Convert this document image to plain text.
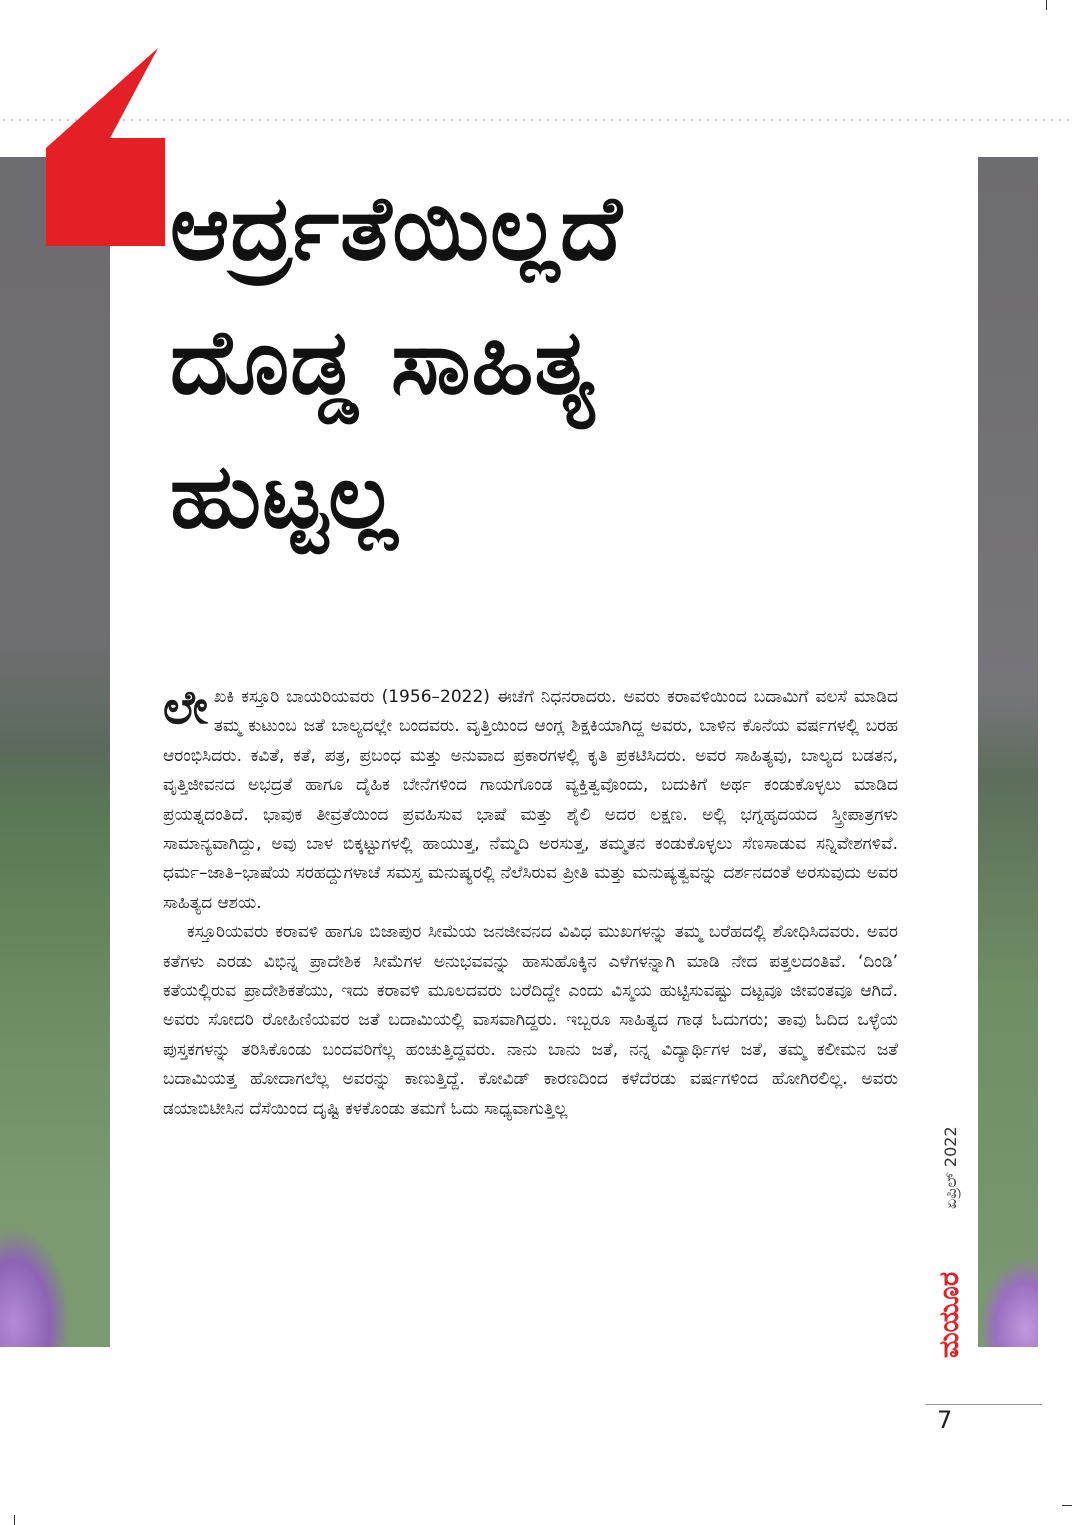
ಆರ್ದ್ರತೆಯಿಲ್ಲದೆ
ದೊಡ್ಡ ಸಾಹಿತ್ಯ
ಹುಟ್ಟಲ್ಲ

ಲೇಖಕಿ ಕಸ್ತೂರಿ ಬಾಯರಿಯವರು (1956–2022) ಈಚೆಗೆ ನಿಧನರಾದರು. ಅವರು ಕರಾವಳಿಯಿಂದ ಬದಾಮಿಗೆ ವಲಸೆ ಮಾಡಿದ ತಮ್ಮ ಕುಟುಂಬ ಜತೆ ಬಾಲ್ಯದಲ್ಲೇ ಬಂದವರು. ವೃತ್ತಿಯಿಂದ ಆಂಗ್ಲ ಶಿಕ್ಷಕಿಯಾಗಿದ್ದ ಅವರು, ಬಾಳಿನ ಕೊನೆಯ ವರ್ಷಗಳಲ್ಲಿ ಬರಹ ಆರಂಭಿಸಿದರು. ಕವಿತೆ, ಕತೆ, ಪತ್ರ, ಪ್ರಬಂಧ ಮತ್ತು ಅನುವಾದ ಪ್ರಕಾರಗಳಲ್ಲಿ ಕೃತಿ ಪ್ರಕಟಿಸಿದರು. ಅವರ ಸಾಹಿತ್ಯವು, ಬಾಲ್ಯದ ಬಡತನ, ವೃತ್ತಿಜೀವನದ ಅಭದ್ರತೆ ಹಾಗೂ ದೈಹಿಕ ಬೇನೆಗಳಿಂದ ಗಾಯಗೊಂಡ ವ್ಯಕ್ತಿತ್ವವೊಂದು, ಬದುಕಿಗೆ ಅರ್ಥ ಕಂಡುಕೊಳ್ಳಲು ಮಾಡಿದ ಪ್ರಯತ್ನದಂತಿದೆ. ಭಾವುಕ ತೀವ್ರತೆಯಿಂದ ಪ್ರವಹಿಸುವ ಭಾಷೆ ಮತ್ತು ಶೈಲಿ ಅದರ ಲಕ್ಷಣ. ಅಲ್ಲಿ ಭಗ್ನಹೃದಯದ ಸ್ತ್ರೀಪಾತ್ರಗಳು ಸಾಮಾನ್ಯವಾಗಿದ್ದು, ಅವು ಬಾಳ ಬಿಕ್ಕಟ್ಟುಗಳಲ್ಲಿ ಹಾಯುತ್ತ, ನೆಮ್ಮದಿ ಅರಸುತ್ತ, ತಮ್ಮತನ ಕಂಡುಕೊಳ್ಳಲು ಸೆಣಸಾಡುವ ಸನ್ನಿವೇಶಗಳಿವೆ. ಧರ್ಮ–ಜಾತಿ–ಭಾಷೆಯ ಸರಹದ್ದುಗಳಾಚೆ ಸಮಸ್ತ ಮನುಷ್ಯರಲ್ಲಿ ನೆಲೆಸಿರುವ ಪ್ರೀತಿ ಮತ್ತು ಮನುಷ್ಯತ್ವವನ್ನು ದರ್ಶನದಂತೆ ಅರಸುವುದು ಅವರ ಸಾಹಿತ್ಯದ ಆಶಯ.

ಕಸ್ತೂರಿಯವರು ಕರಾವಳಿ ಹಾಗೂ ಬಿಜಾಪುರ ಸೀಮೆಯ ಜನಜೀವನದ ವಿವಿಧ ಮುಖಗಳನ್ನು ತಮ್ಮ ಬರೆಹದಲ್ಲಿ ಶೋಧಿಸಿದವರು. ಅವರ ಕತೆಗಳು ಎರಡು ವಿಭಿನ್ನ ಪ್ರಾದೇಶಿಕ ಸೀಮೆಗಳ ಅನುಭವವನ್ನು ಹಾಸುಹೊಕ್ಕಿನ ಎಳೆಗಳನ್ನಾಗಿ ಮಾಡಿ ನೇದ ಪತ್ತಲದಂತಿವೆ. ‘ದಿಂಡಿ’ ಕತೆಯಲ್ಲಿರುವ ಪ್ರಾದೇಶಿಕತೆಯು, ಇದು ಕರಾವಳಿ ಮೂಲದವರು ಬರೆದಿದ್ದೇ ಎಂದು ವಿಸ್ಮಯ ಹುಟ್ಟಿಸುವಷ್ಟು ದಟ್ಟವೂ ಜೀವಂತವೂ ಆಗಿದೆ. ಅವರು ಸೋದರಿ ರೋಹಿಣಿಯವರ ಜತೆ ಬದಾಮಿಯಲ್ಲಿ ವಾಸವಾಗಿದ್ದರು. ಇಬ್ಬರೂ ಸಾಹಿತ್ಯದ ಗಾಢ ಓದುಗರು; ತಾವು ಓದಿದ ಒಳ್ಳೆಯ ಪುಸ್ತಕಗಳನ್ನು ತರಿಸಿಕೊಂಡು ಬಂದವರಿಗೆಲ್ಲ ಹಂಚುತ್ತಿದ್ದವರು. ನಾನು ಬಾನು ಜತೆ, ನನ್ನ ವಿದ್ಯಾರ್ಥಿಗಳ ಜತೆ, ತಮ್ಮ ಕಲೀಮನ ಜತೆ ಬದಾಮಿಯತ್ತ ಹೋದಾಗಲೆಲ್ಲ ಅವರನ್ನು ಕಾಣುತ್ತಿದ್ದೆ. ಕೋವಿಡ್ ಕಾರಣದಿಂದ ಕಳೆದೆರಡು ವರ್ಷಗಳಿಂದ ಹೋಗಿರಲಿಲ್ಲ. ಅವರು ಡಯಾಬಿಟೀಸಿನ ದೆಸೆಯಿಂದ ದೃಷ್ಟಿ ಕಳಕೊಂಡು ತಮಗೆ ಓದು ಸಾಧ್ಯವಾಗುತ್ತಿಲ್ಲ

ಏಪ್ರಿಲ್ 2022
ಮಯೂರ
7
